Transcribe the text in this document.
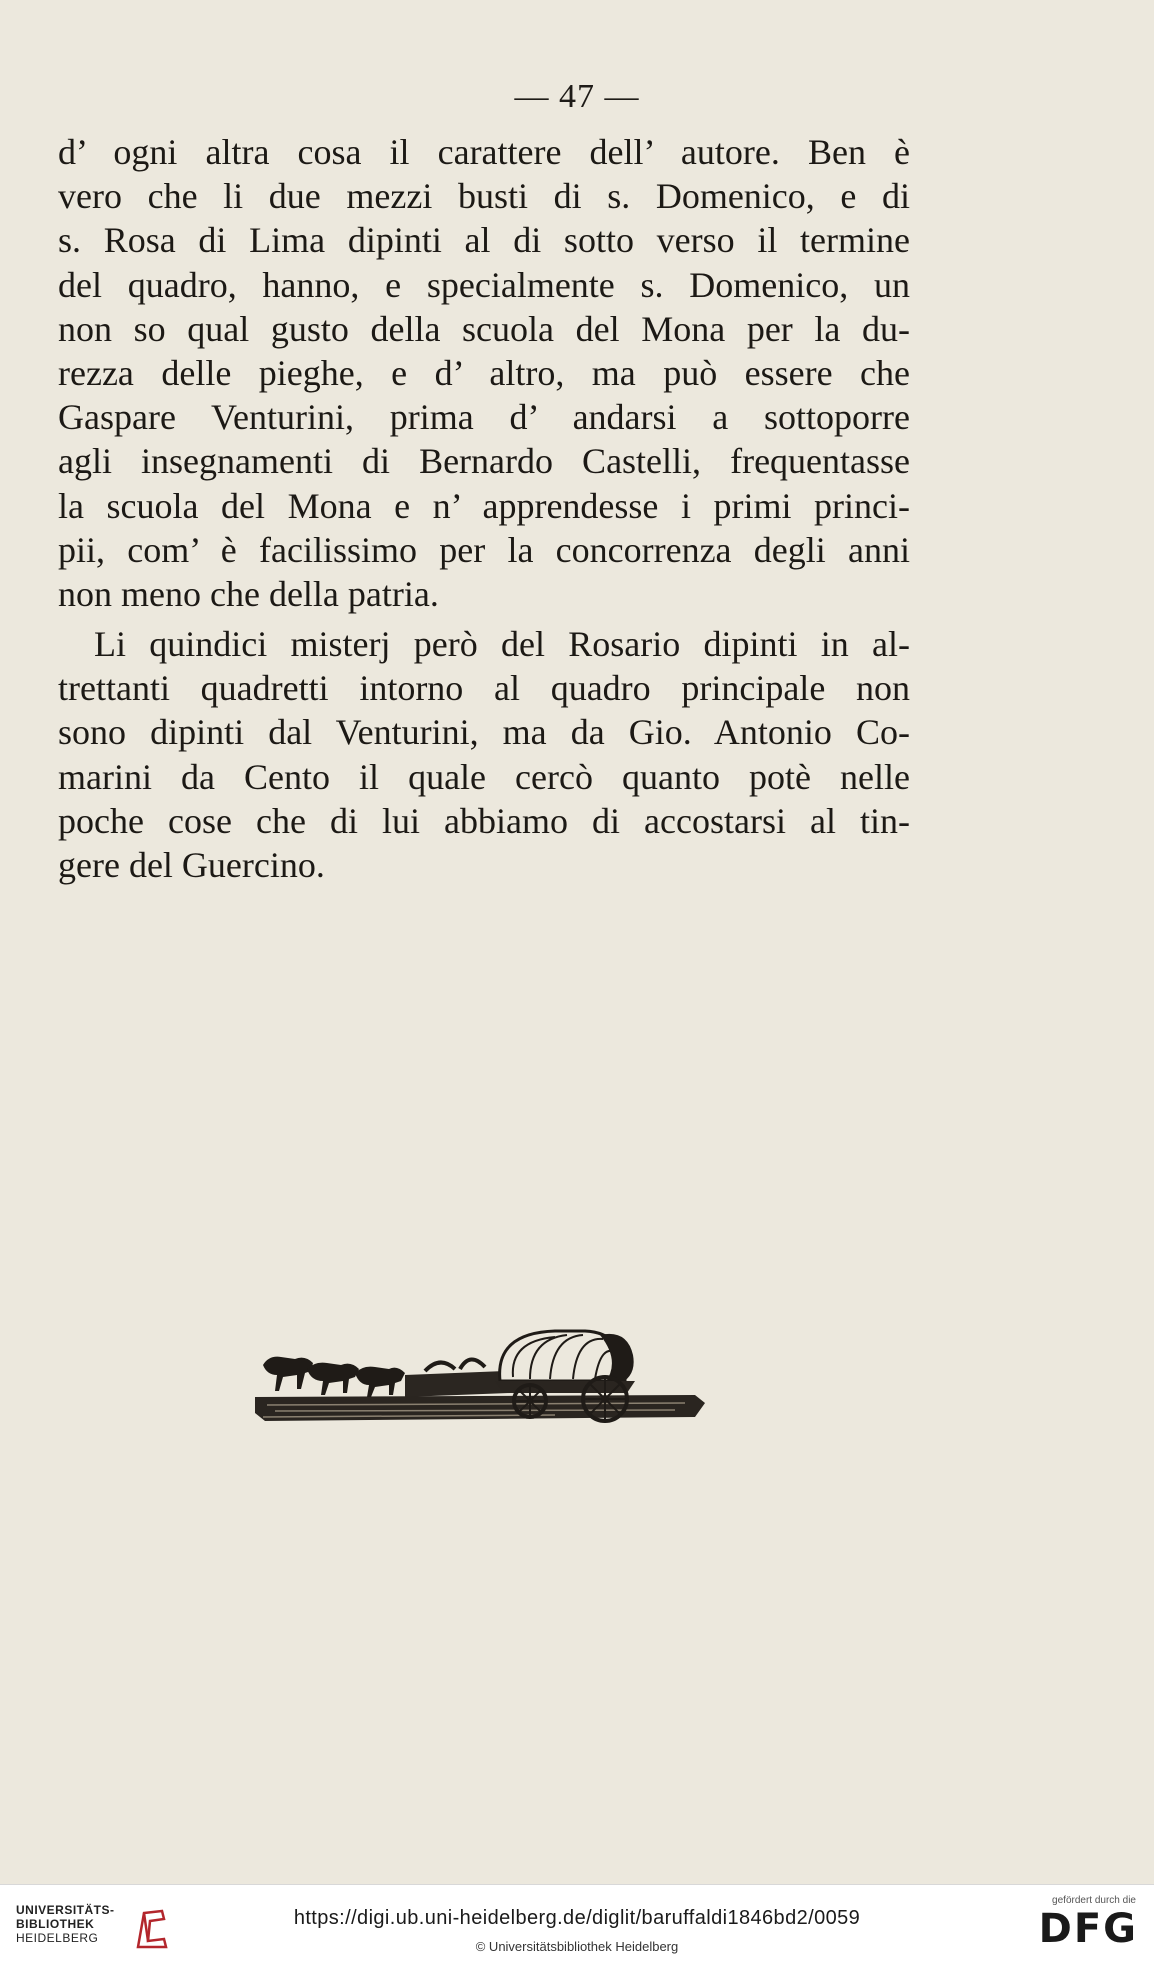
— 47 —
d’ ogni altra cosa il carattere dell’ autore. Ben è
vero che li due mezzi busti di s. Domenico, e di
s. Rosa di Lima dipinti al di sotto verso il termine
del quadro, hanno, e specialmente s. Domenico, un
non so qual gusto della scuola del Mona per la du-
rezza delle pieghe, e d’ altro, ma può essere che
Gaspare Venturini, prima d’ andarsi a sottoporre
agli insegnamenti di Bernardo Castelli, frequentasse
la scuola del Mona e n’ apprendesse i primi princi-
pii, com’ è facilissimo per la concorrenza degli anni
non meno che della patria.
Li quindici misterj però del Rosario dipinti in al-
trettanti quadretti intorno al quadro principale non
sono dipinti dal Venturini, ma da Gio. Antonio Co-
marini da Cento il quale cercò quanto potè nelle
poche cose che di lui abbiamo di accostarsi al tin-
gere del Guercino.
UNIVERSITÄTS-
BIBLIOTHEK
HEIDELBERG
https://digi.ub.uni-heidelberg.de/diglit/baruffaldi1846bd2/0059
© Universitätsbibliothek Heidelberg
gefördert durch die
DFG
